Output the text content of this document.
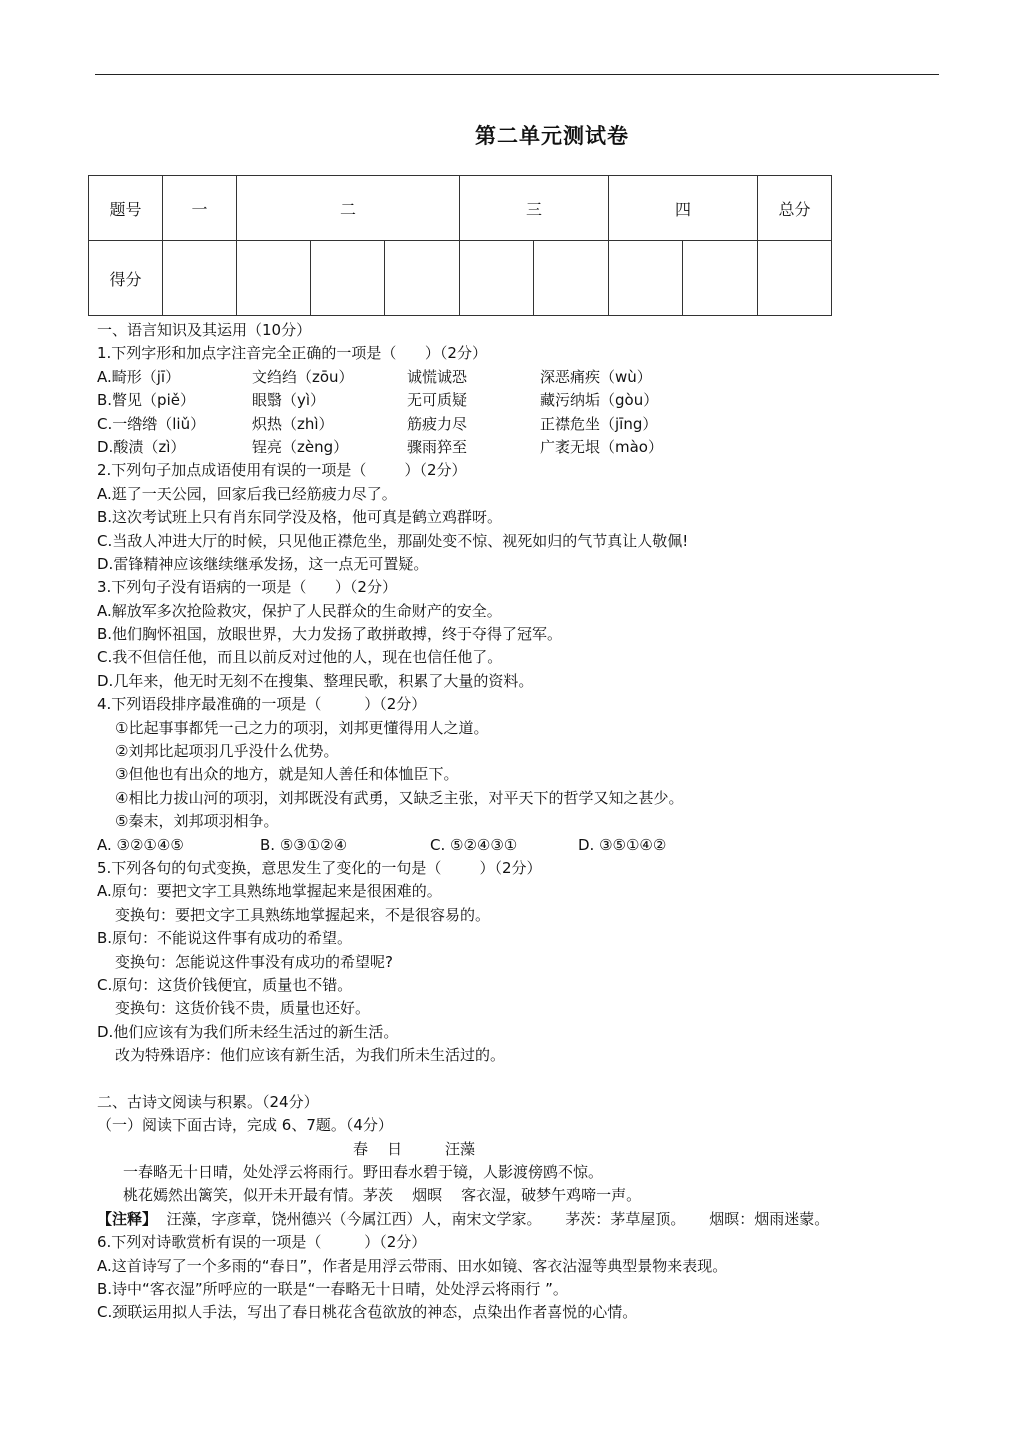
第二单元测试卷
题号	一	二			三		四		总分
得分									
一、语言知识及其运用（10分）
1.下列字形和加点字注音完全正确的一项是（      ）（2分）
A.畸形（jī）	文绉绉（zōu）	诚慌诚恐	深恶痛疾（wù）
B.瞥见（piě）	眼翳（yì）	无可质疑	藏污纳垢（gòu）
C.一绺绺（liǔ）	炽热（zhì）	筋疲力尽	正襟危坐（jīng）
D.酸渍（zì）	锃亮（zèng）	骤雨猝至	广袤无垠（mào）
2.下列句子加点成语使用有误的一项是（        ）（2分）
A.逛了一天公园，回家后我已经筋疲力尽了。
B.这次考试班上只有肖东同学没及格，他可真是鹤立鸡群呀。
C.当敌人冲进大厅的时候，只见他正襟危坐，那副处变不惊、视死如归的气节真让人敬佩!
D.雷锋精神应该继续继承发扬，这一点无可置疑。
3.下列句子没有语病的一项是（      ）（2分）
A.解放军多次抢险救灾，保护了人民群众的生命财产的安全。
B.他们胸怀祖国，放眼世界，大力发扬了敢拼敢搏，终于夺得了冠军。
C.我不但信任他，而且以前反对过他的人，现在也信任他了。
D.几年来，他无时无刻不在搜集、整理民歌，积累了大量的资料。
4.下列语段排序最准确的一项是（         ）（2分）
①比起事事都凭一己之力的项羽，刘邦更懂得用人之道。
②刘邦比起项羽几乎没什么优势。
③但他也有出众的地方，就是知人善任和体恤臣下。
④相比力拔山河的项羽，刘邦既没有武勇，又缺乏主张，对平天下的哲学又知之甚少。
⑤秦末，刘邦项羽相争。
A. ③②①④⑤	B. ⑤③①②④	C. ⑤②④③①	D. ③⑤①④②
5.下列各句的句式变换，意思发生了变化的一句是（        ）（2分）
A.原句：要把文字工具熟练地掌握起来是很困难的。
变换句：要把文字工具熟练地掌握起来，不是很容易的。
B.原句：不能说这件事有成功的希望。
变换句：怎能说这件事没有成功的希望呢?
C.原句：这货价钱便宜，质量也不错。
变换句：这货价钱不贵，质量也还好。
D.他们应该有为我们所未经生活过的新生活。
改为特殊语序：他们应该有新生活，为我们所未生活过的。
二、古诗文阅读与积累。（24分）
（一）阅读下面古诗，完成 6、7题。（4分）
春    日         汪藻
一春略无十日晴，处处浮云将雨行。野田春水碧于镜，人影渡傍鸥不惊。
桃花嫣然出篱笑，似开未开最有情。茅茨    烟暝    客衣湿，破梦午鸡啼一声。
【注释】  汪藻，字彦章，饶州德兴（今属江西）人，南宋文学家。     茅茨：茅草屋顶。     烟暝：烟雨迷蒙。
6.下列对诗歌赏析有误的一项是（         ）（2分）
A.这首诗写了一个多雨的“春日”，作者是用浮云带雨、田水如镜、客衣沾湿等典型景物来表现。
B.诗中“客衣湿”所呼应的一联是“一春略无十日晴，处处浮云将雨行 ”。
C.颈联运用拟人手法，写出了春日桃花含苞欲放的神态，点染出作者喜悦的心情。
